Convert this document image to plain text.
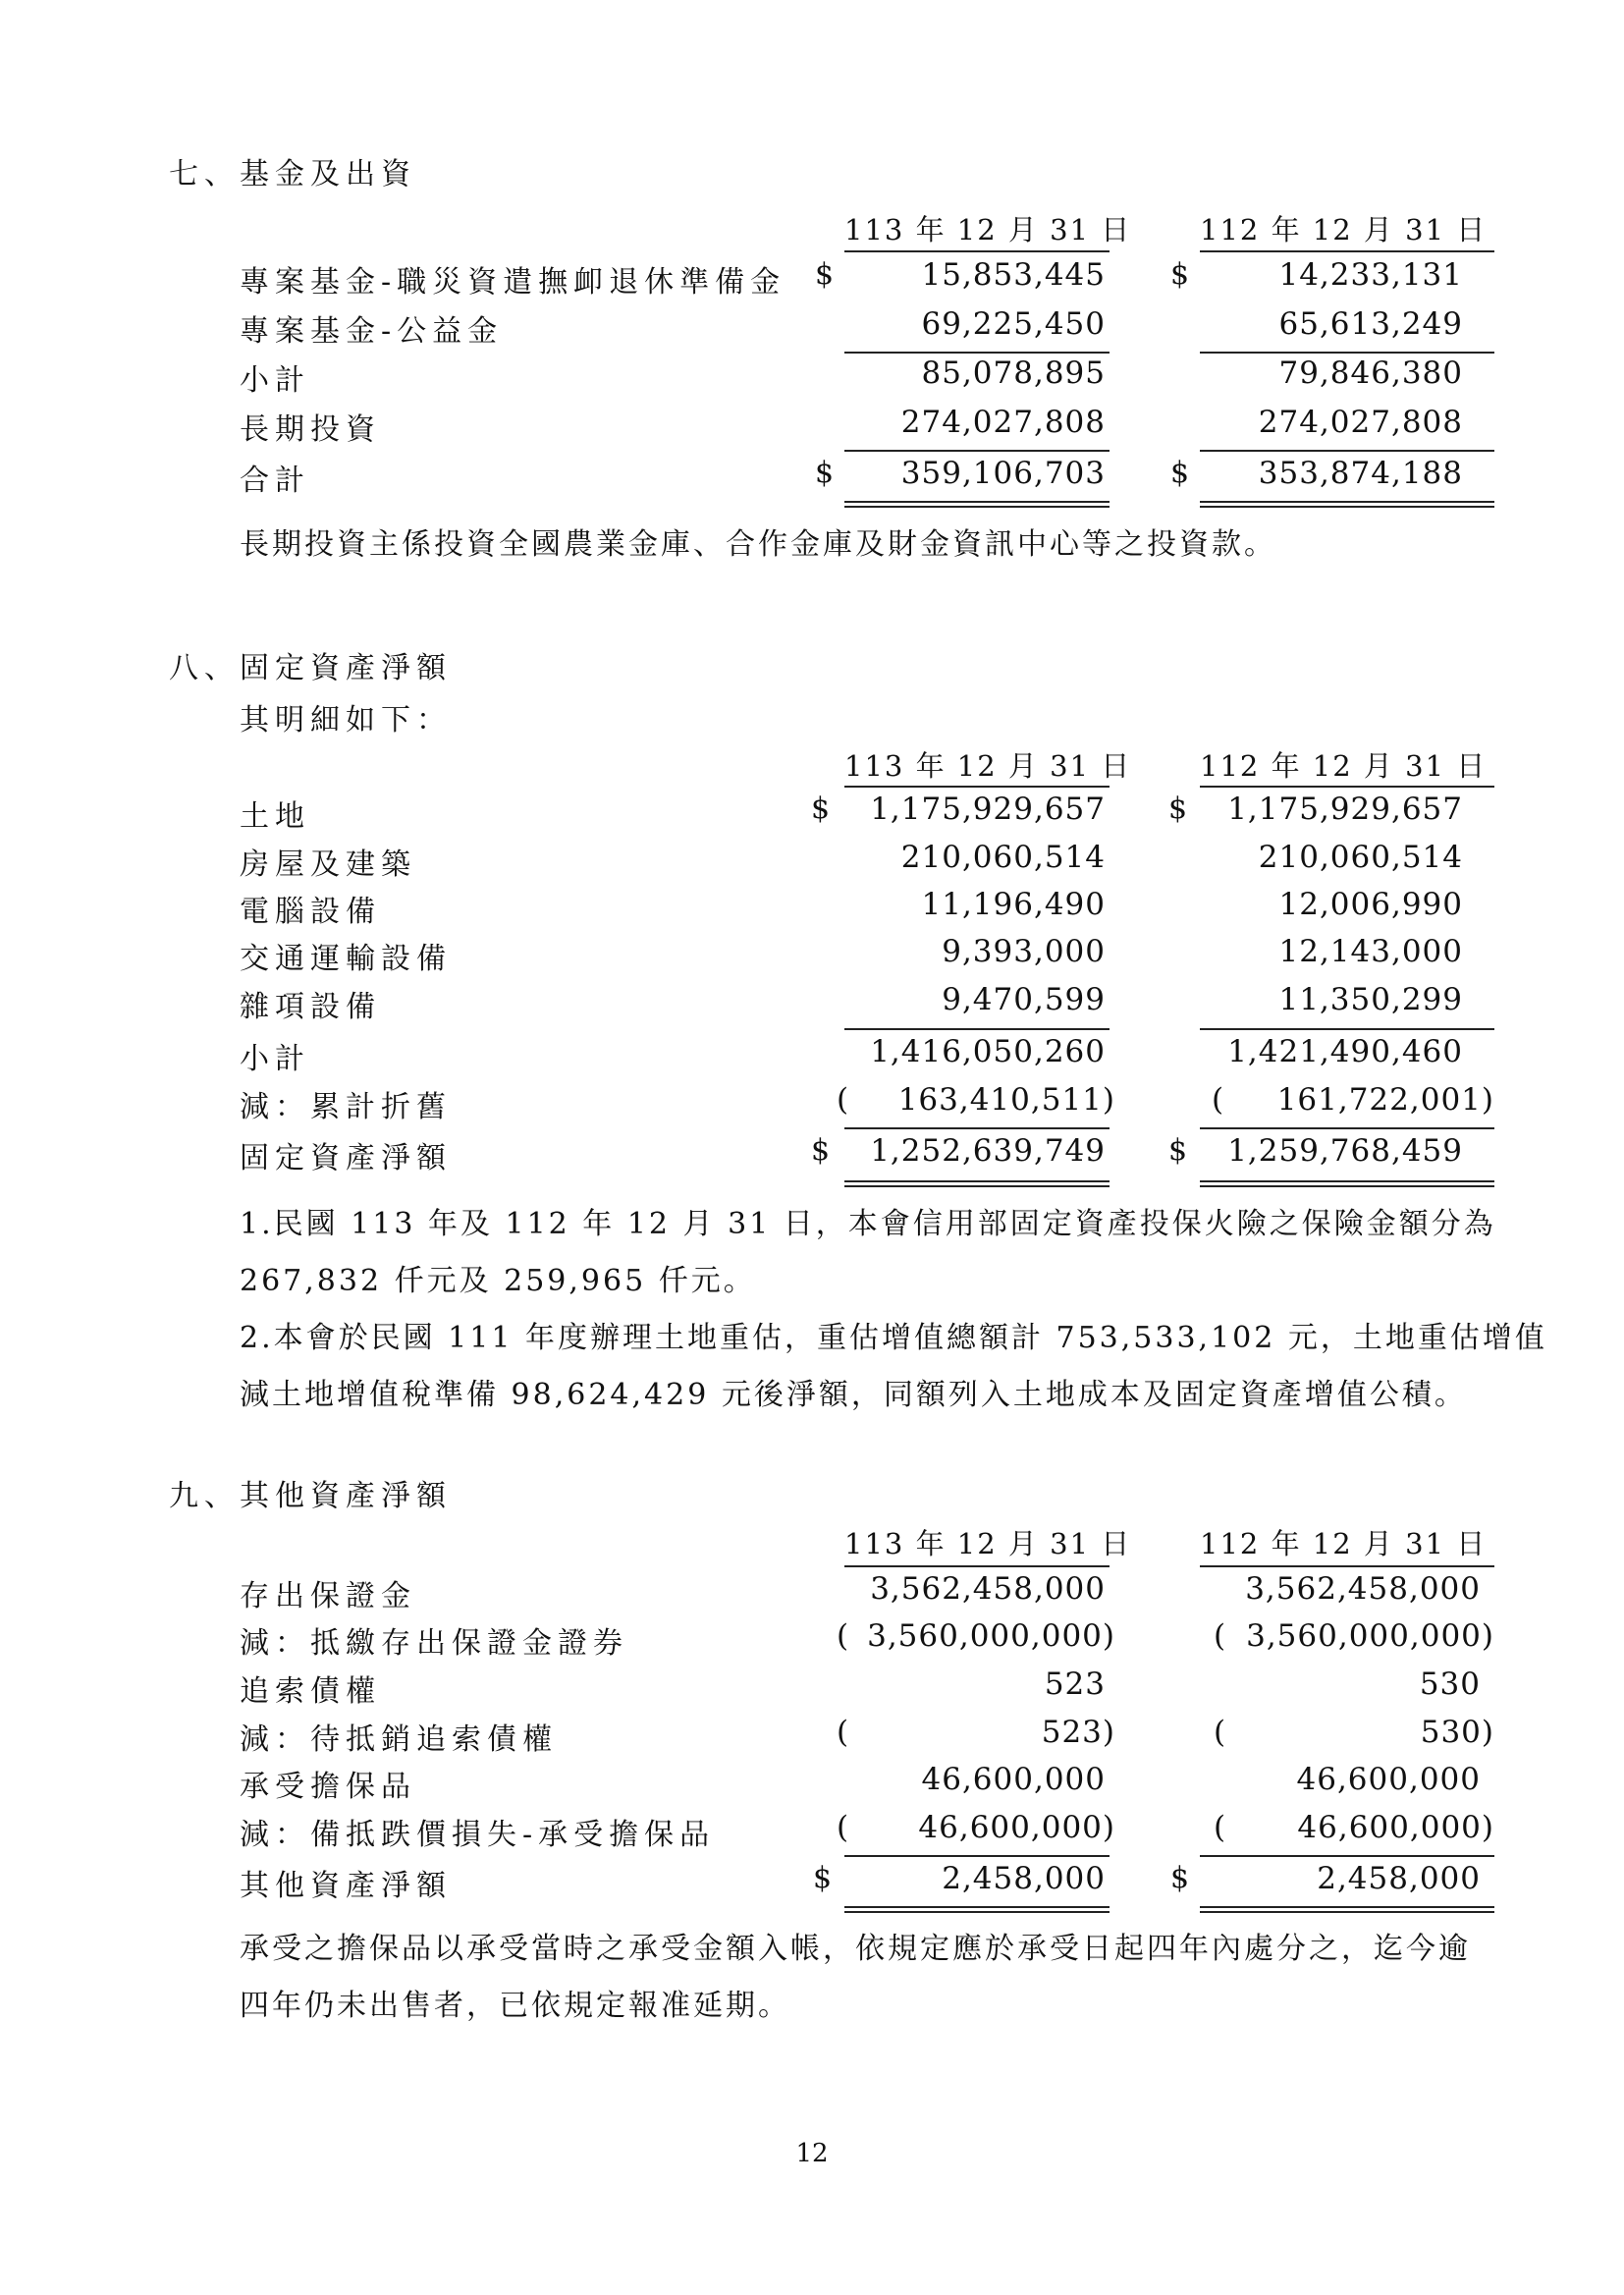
七、基金及出資
113 年 12 月 31 日 112 年 12 月 31 日
專案基金-職災資遣撫卹退休準備金 $	15,853,445 $	14,233,131
專案基金-公益金	69,225,450	65,613,249
小計	85,078,895	79,846,380
長期投資	274,027,808	274,027,808
合計	$ 359,106,703 $ 353,874,188
長期投資主係投資全國農業金庫、合作金庫及財金資訊中心等之投資款。
八、固定資產淨額
其明細如下：
113 年 12 月 31 日 112 年 12 月 31 日
土地	$ 1,175,929,657 $ 1,175,929,657
房屋及建築	210,060,514	210,060,514
電腦設備	11,196,490	12,006,990
交通運輸設備	9,393,000	12,143,000
雜項設備	9,470,599	11,350,299
小計	1,416,050,260	1,421,490,460
減：累計折舊	( 163,410,511)	( 161,722,001)
固定資產淨額	$ 1,252,639,749 $ 1,259,768,459
1.民國 113 年及 112 年 12 月 31 日，本會信用部固定資產投保火險之保險金額分為
267,832 仟元及 259,965 仟元。
2.本會於民國 111 年度辦理土地重估，重估增值總額計 753,533,102 元，土地重估增值
減土地增值稅準備 98,624,429 元後淨額，同額列入土地成本及固定資產增值公積。
九、其他資產淨額
113 年 12 月 31 日 112 年 12 月 31 日
存出保證金	3,562,458,000	3,562,458,000
減：抵繳存出保證金證券	( 3,560,000,000)	( 3,560,000,000)
追索債權	523	530
減：待抵銷追索債權	(	523)	(	530)
承受擔保品	46,600,000	46,600,000
減：備抵跌價損失-承受擔保品	( 46,600,000)	( 46,600,000)
其他資產淨額	$	2,458,000 $	2,458,000
承受之擔保品以承受當時之承受金額入帳，依規定應於承受日起四年內處分之，迄今逾
四年仍未出售者，已依規定報准延期。
12
